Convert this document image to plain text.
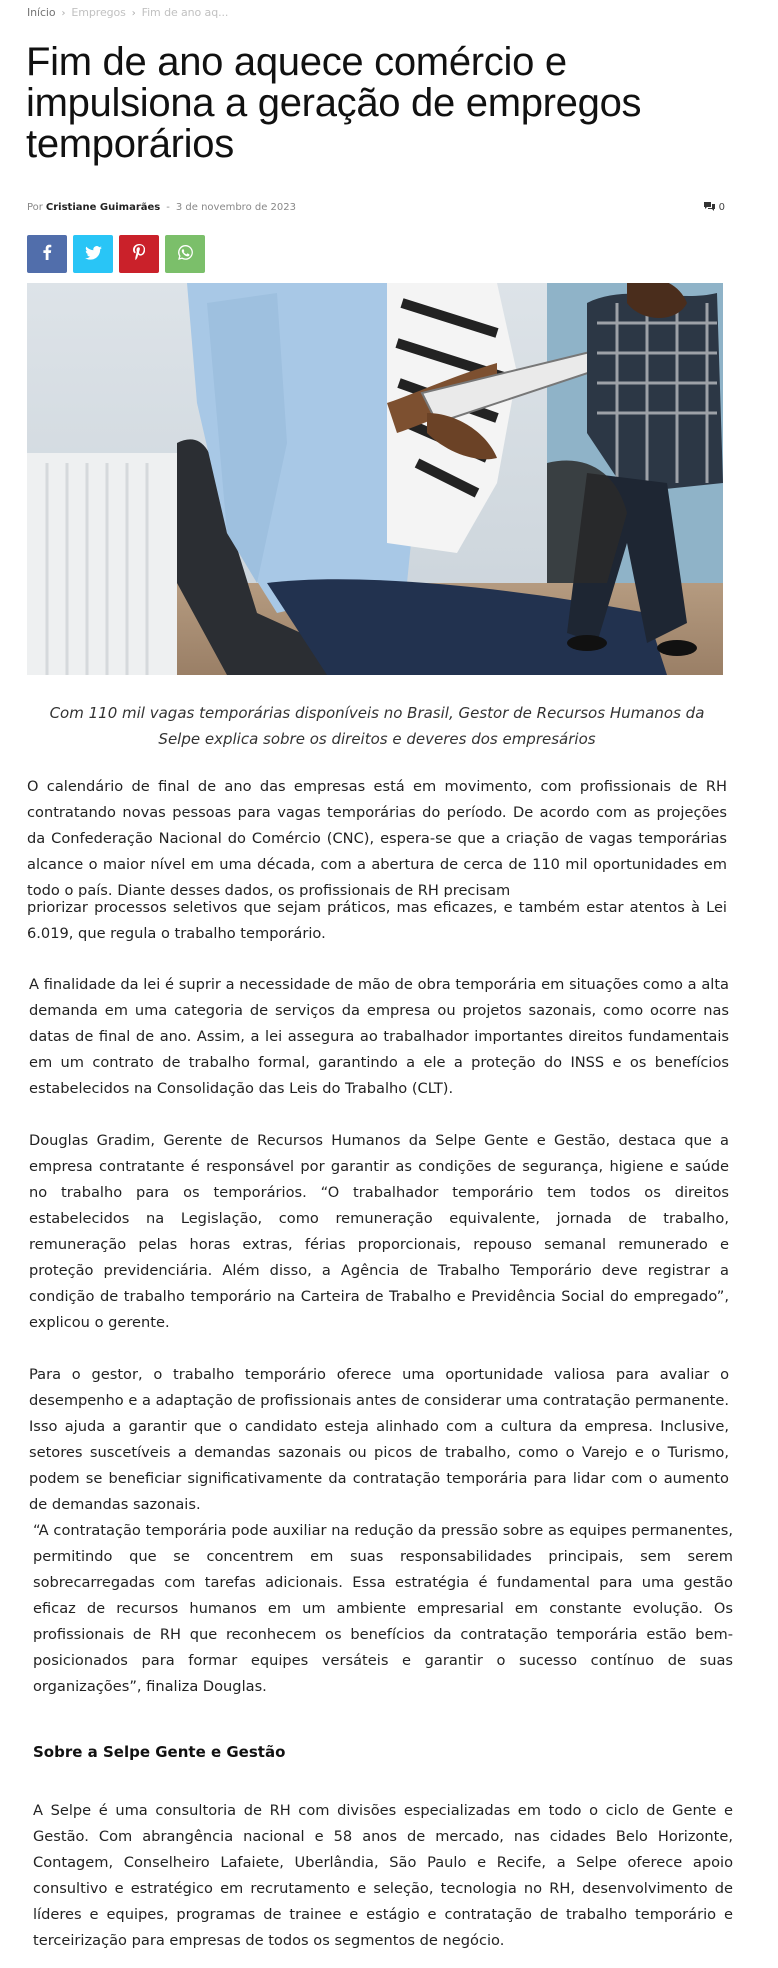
Início › Empregos › Fim de ano aq...
Fim de ano aquece comércio e impulsiona a geração de empregos temporários
Por Cristiane Guimarães - 3 de novembro de 2023	0
Com 110 mil vagas temporárias disponíveis no Brasil, Gestor de Recursos Humanos da Selpe explica sobre os direitos e deveres dos empresários
O calendário de final de ano das empresas está em movimento, com profissionais de RH contratando novas pessoas para vagas temporárias do período. De acordo com as projeções da Confederação Nacional do Comércio (CNC), espera-se que a criação de vagas temporárias alcance o maior nível em uma década, com a abertura de cerca de 110 mil oportunidades em todo o país. Diante desses dados, os profissionais de RH precisam
priorizar processos seletivos que sejam práticos, mas eficazes, e também estar atentos à Lei 6.019, que regula o trabalho temporário.
A finalidade da lei é suprir a necessidade de mão de obra temporária em situações como a alta demanda em uma categoria de serviços da empresa ou projetos sazonais, como ocorre nas datas de final de ano. Assim, a lei assegura ao trabalhador importantes direitos fundamentais em um contrato de trabalho formal, garantindo a ele a proteção do INSS e os benefícios estabelecidos na Consolidação das Leis do Trabalho (CLT).
Douglas Gradim, Gerente de Recursos Humanos da Selpe Gente e Gestão, destaca que a empresa contratante é responsável por garantir as condições de segurança, higiene e saúde no trabalho para os temporários. “O trabalhador temporário tem todos os direitos estabelecidos na Legislação, como remuneração equivalente, jornada de trabalho, remuneração pelas horas extras, férias proporcionais, repouso semanal remunerado e proteção previdenciária. Além disso, a Agência de Trabalho Temporário deve registrar a condição de trabalho temporário na Carteira de Trabalho e Previdência Social do empregado”, explicou o gerente.
Para o gestor, o trabalho temporário oferece uma oportunidade valiosa para avaliar o desempenho e a adaptação de profissionais antes de considerar uma contratação permanente. Isso ajuda a garantir que o candidato esteja alinhado com a cultura da empresa. Inclusive, setores suscetíveis a demandas sazonais ou picos de trabalho, como o Varejo e o Turismo, podem se beneficiar significativamente da contratação temporária para lidar com o aumento de demandas sazonais.
“A contratação temporária pode auxiliar na redução da pressão sobre as equipes permanentes, permitindo que se concentrem em suas responsabilidades principais, sem serem sobrecarregadas com tarefas adicionais. Essa estratégia é fundamental para uma gestão eficaz de recursos humanos em um ambiente empresarial em constante evolução. Os profissionais de RH que reconhecem os benefícios da contratação temporária estão bem-posicionados para formar equipes versáteis e garantir o sucesso contínuo de suas organizações”, finaliza Douglas.
Sobre a Selpe Gente e Gestão
A Selpe é uma consultoria de RH com divisões especializadas em todo o ciclo de Gente e Gestão. Com abrangência nacional e 58 anos de mercado, nas cidades Belo Horizonte, Contagem, Conselheiro Lafaiete, Uberlândia, São Paulo e Recife, a Selpe oferece apoio consultivo e estratégico em recrutamento e seleção, tecnologia no RH, desenvolvimento de líderes e equipes, programas de trainee e estágio e contratação de trabalho temporário e terceirização para empresas de todos os segmentos de negócio.
